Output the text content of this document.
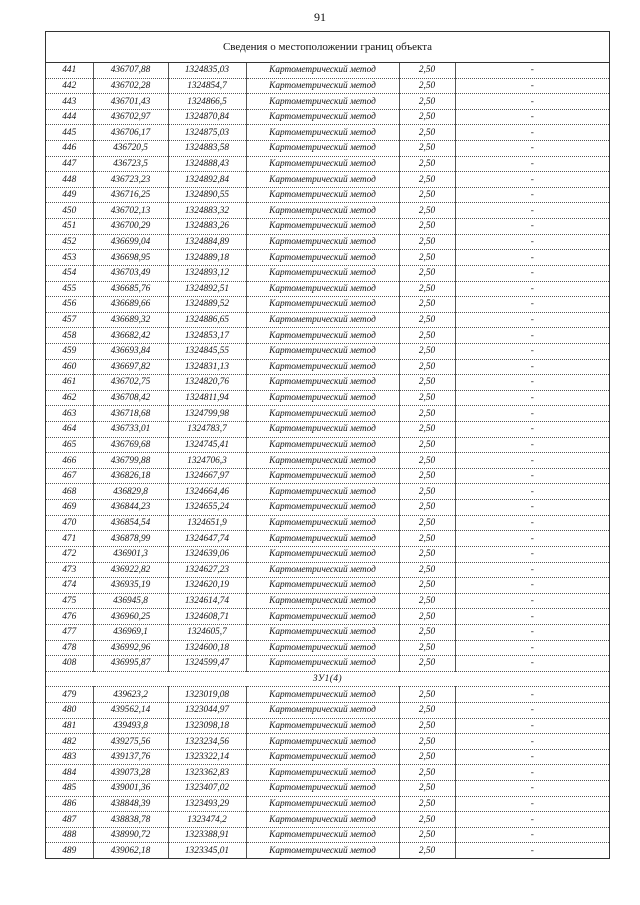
91
Сведения о местоположении границ объекта
441	436707,88	1324835,03	Картометрический метод	2,50	-
442	436702,28	1324854,7	Картометрический метод	2,50	-
443	436701,43	1324866,5	Картометрический метод	2,50	-
444	436702,97	1324870,84	Картометрический метод	2,50	-
445	436706,17	1324875,03	Картометрический метод	2,50	-
446	436720,5	1324883,58	Картометрический метод	2,50	-
447	436723,5	1324888,43	Картометрический метод	2,50	-
448	436723,23	1324892,84	Картометрический метод	2,50	-
449	436716,25	1324890,55	Картометрический метод	2,50	-
450	436702,13	1324883,32	Картометрический метод	2,50	-
451	436700,29	1324883,26	Картометрический метод	2,50	-
452	436699,04	1324884,89	Картометрический метод	2,50	-
453	436698,95	1324889,18	Картометрический метод	2,50	-
454	436703,49	1324893,12	Картометрический метод	2,50	-
455	436685,76	1324892,51	Картометрический метод	2,50	-
456	436689,66	1324889,52	Картометрический метод	2,50	-
457	436689,32	1324886,65	Картометрический метод	2,50	-
458	436682,42	1324853,17	Картометрический метод	2,50	-
459	436693,84	1324845,55	Картометрический метод	2,50	-
460	436697,82	1324831,13	Картометрический метод	2,50	-
461	436702,75	1324820,76	Картометрический метод	2,50	-
462	436708,42	1324811,94	Картометрический метод	2,50	-
463	436718,68	1324799,98	Картометрический метод	2,50	-
464	436733,01	1324783,7	Картометрический метод	2,50	-
465	436769,68	1324745,41	Картометрический метод	2,50	-
466	436799,88	1324706,3	Картометрический метод	2,50	-
467	436826,18	1324667,97	Картометрический метод	2,50	-
468	436829,8	1324664,46	Картометрический метод	2,50	-
469	436844,23	1324655,24	Картометрический метод	2,50	-
470	436854,54	1324651,9	Картометрический метод	2,50	-
471	436878,99	1324647,74	Картометрический метод	2,50	-
472	436901,3	1324639,06	Картометрический метод	2,50	-
473	436922,82	1324627,23	Картометрический метод	2,50	-
474	436935,19	1324620,19	Картометрический метод	2,50	-
475	436945,8	1324614,74	Картометрический метод	2,50	-
476	436960,25	1324608,71	Картометрический метод	2,50	-
477	436969,1	1324605,7	Картометрический метод	2,50	-
478	436992,96	1324600,18	Картометрический метод	2,50	-
408	436995,87	1324599,47	Картометрический метод	2,50	-
ЗУ1(4)					
479	439623,2	1323019,08	Картометрический метод	2,50	-
480	439562,14	1323044,97	Картометрический метод	2,50	-
481	439493,8	1323098,18	Картометрический метод	2,50	-
482	439275,56	1323234,56	Картометрический метод	2,50	-
483	439137,76	1323322,14	Картометрический метод	2,50	-
484	439073,28	1323362,83	Картометрический метод	2,50	-
485	439001,36	1323407,02	Картометрический метод	2,50	-
486	438848,39	1323493,29	Картометрический метод	2,50	-
487	438838,78	1323474,2	Картометрический метод	2,50	-
488	438990,72	1323388,91	Картометрический метод	2,50	-
489	439062,18	1323345,01	Картометрический метод	2,50	-
